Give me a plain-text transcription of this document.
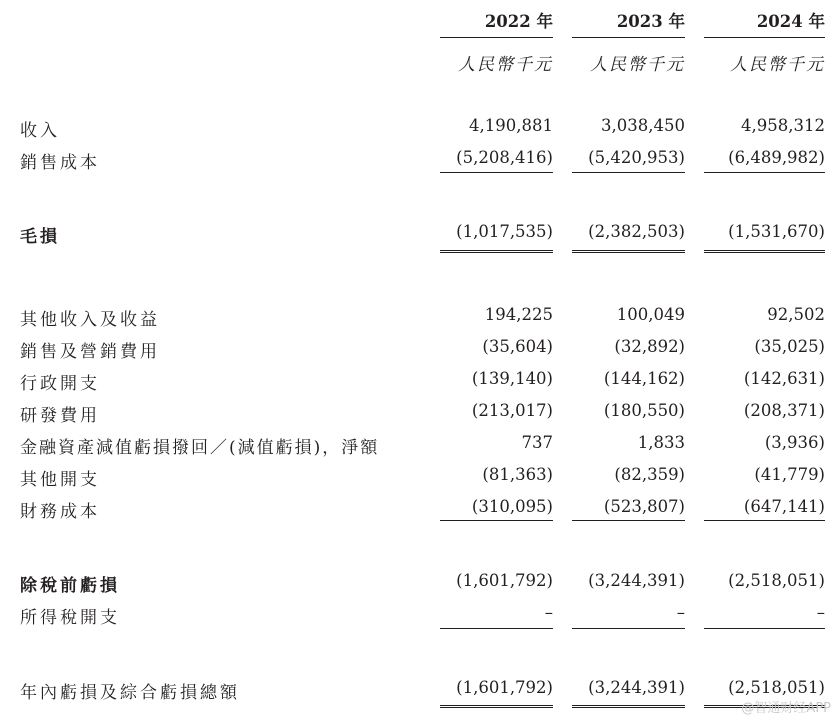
2022 年	2023 年	2024 年
人民幣千元	人民幣千元	人民幣千元
收入	4,190,881	3,038,450	4,958,312
銷售成本	(5,208,416)	(5,420,953)	(6,489,982)
毛損	(1,017,535)	(2,382,503)	(1,531,670)
其他收入及收益	194,225	100,049	92,502
銷售及營銷費用	(35,604)	(32,892)	(35,025)
行政開支	(139,140)	(144,162)	(142,631)
研發費用	(213,017)	(180,550)	(208,371)
金融資產減值虧損撥回／(減值虧損)，淨額	737	1,833	(3,936)
其他開支	(81,363)	(82,359)	(41,779)
財務成本	(310,095)	(523,807)	(647,141)
除稅前虧損	(1,601,792)	(3,244,391)	(2,518,051)
所得稅開支	–	–	–
年內虧損及綜合虧損總額	(1,601,792)	(3,244,391)	(2,518,051)
@智通财经APP
